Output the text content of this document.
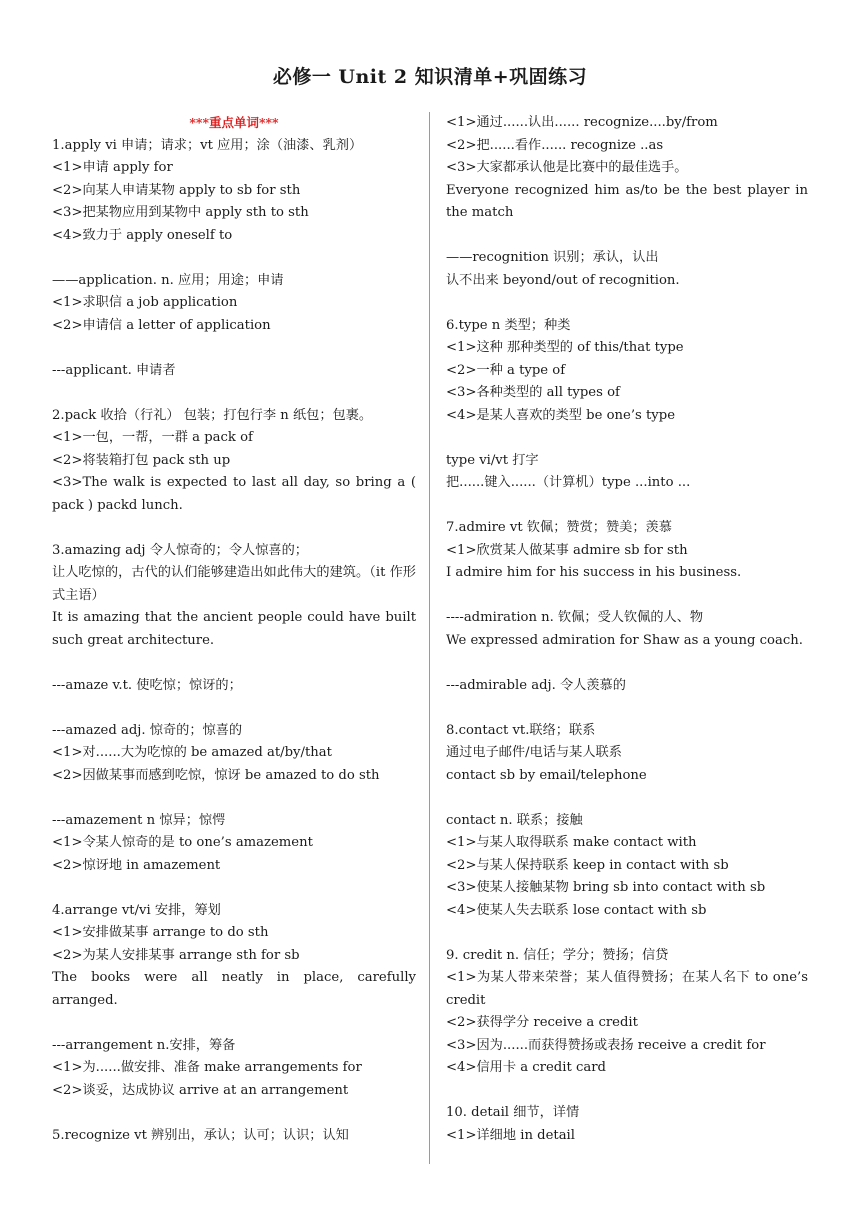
必修一 Unit 2 知识清单+巩固练习
***重点单词***
1.apply vi 申请；请求；vt 应用；涂（油漆、乳剂）
<1>申请 apply for
<2>向某人申请某物 apply to sb for sth
<3>把某物应用到某物中 apply sth to sth
<4>致力于 apply oneself to
——application. n. 应用；用途；申请
<1>求职信 a job application
<2>申请信 a letter of application
---applicant. 申请者
2.pack 收拾（行礼） 包装；打包行李 n 纸包；包裹。
<1>一包，一帮，一群 a pack of
<2>将装箱打包 pack sth up
<3>The walk is expected to last all day, so bring a ( pack ) packd lunch.
3.amazing adj 令人惊奇的；令人惊喜的；
让人吃惊的，古代的认们能够建造出如此伟大的建筑。（it 作形式主语）
It is amazing that the ancient people could have built such great architecture.
---amaze v.t. 使吃惊；惊讶的；
---amazed adj. 惊奇的；惊喜的
<1>对......大为吃惊的 be amazed at/by/that
<2>因做某事而感到吃惊，惊讶 be amazed to do sth
---amazement n 惊异；惊愕
<1>令某人惊奇的是 to one’s amazement
<2>惊讶地 in amazement
4.arrange vt/vi 安排，筹划
<1>安排做某事 arrange to do sth
<2>为某人安排某事 arrange sth for sb
The books were all neatly in place, carefully arranged.
---arrangement n.安排，筹备
<1>为......做安排、准备 make arrangements for
<2>谈妥，达成协议 arrive at an arrangement
5.recognize vt 辨别出，承认；认可；认识；认知
<1>通过......认出...... recognize....by/from
<2>把......看作...... recognize ..as
<3>大家都承认他是比赛中的最佳选手。
Everyone recognized him as/to be the best player in the match
——recognition 识别；承认，认出
认不出来 beyond/out of recognition.
6.type n 类型；种类
<1>这种 那种类型的 of this/that type
<2>一种 a type of
<3>各种类型的 all types of
<4>是某人喜欢的类型 be one’s type
type vi/vt 打字
把......键入......（计算机）type ...into ...
7.admire vt 钦佩；赞赏；赞美；羡慕
<1>欣赏某人做某事 admire sb for sth
I admire him for his success in his business.
----admiration n. 钦佩；受人钦佩的人、物
We expressed admiration for Shaw as a young coach.
---admirable adj. 令人羡慕的
8.contact vt.联络；联系
通过电子邮件/电话与某人联系
contact sb by email/telephone
contact n. 联系；接触
<1>与某人取得联系 make contact with
<2>与某人保持联系 keep in contact with sb
<3>使某人接触某物 bring sb into contact with sb
<4>使某人失去联系 lose contact with sb
9. credit n. 信任；学分；赞扬；信贷
<1>为某人带来荣誉；某人值得赞扬；在某人名下 to one’s credit
<2>获得学分 receive a credit
<3>因为......而获得赞扬或表扬 receive a credit for
<4>信用卡 a credit card
10. detail 细节，详情
<1>详细地 in detail
